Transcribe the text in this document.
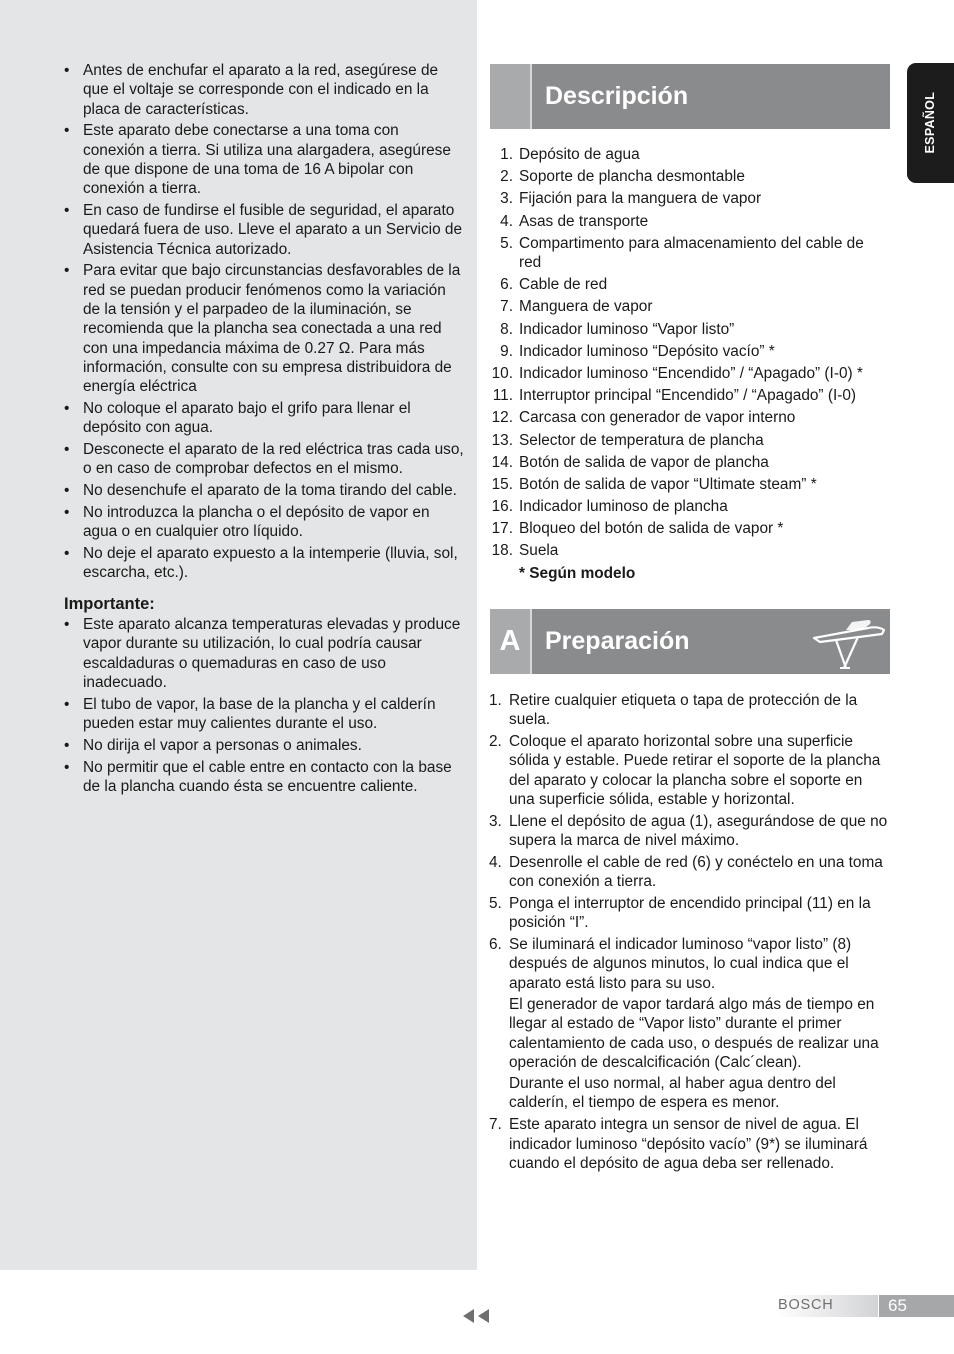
• Antes de enchufar el aparato a la red, asegúrese de que el voltaje se corresponde con el indicado en la placa de características.
• Este aparato debe conectarse a una toma con conexión a tierra. Si utiliza una alargadera, asegúrese de que dispone de una toma de 16 A bipolar con conexión a tierra.
• En caso de fundirse el fusible de seguridad, el aparato quedará fuera de uso. Lleve el aparato a un Servicio de Asistencia Técnica autorizado.
• Para evitar que bajo circunstancias desfavorables de la red se puedan producir fenómenos como la variación de la tensión y el parpadeo de la iluminación, se recomienda que la plancha sea conectada a una red con una impedancia máxima de 0.27 Ω. Para más información, consulte con su empresa distribuidora de energía eléctrica
• No coloque el aparato bajo el grifo para llenar el depósito con agua.
• Desconecte el aparato de la red eléctrica tras cada uso, o en caso de comprobar defectos en el mismo.
• No desenchufe el aparato de la toma tirando del cable.
• No introduzca la plancha o el depósito de vapor en agua o en cualquier otro líquido.
• No deje el aparato expuesto a la intemperie (lluvia, sol, escarcha, etc.).
Importante:
• Este aparato alcanza temperaturas elevadas y produce vapor durante su utilización, lo cual podría causar escaldaduras o quemaduras en caso de uso inadecuado.
• El tubo de vapor, la base de la plancha y el calderín pueden estar muy calientes durante el uso.
• No dirija el vapor a personas o animales.
• No permitir que el cable entre en contacto con la base de la plancha cuando ésta se encuentre caliente.
Descripción
1. Depósito de agua
2. Soporte de plancha desmontable
3. Fijación para la manguera de vapor
4. Asas de transporte
5. Compartimento para almacenamiento del cable de red
6. Cable de red
7. Manguera de vapor
8. Indicador luminoso “Vapor listo”
9. Indicador luminoso “Depósito vacío” *
10. Indicador luminoso “Encendido” / “Apagado” (I-0) *
11. Interruptor principal “Encendido” / “Apagado” (I-0)
12. Carcasa con generador de vapor interno
13. Selector de temperatura de plancha
14. Botón de salida de vapor de plancha
15. Botón de salida de vapor “Ultimate steam” *
16. Indicador luminoso de plancha
17. Bloqueo del botón de salida de vapor *
18. Suela
* Según modelo
A Preparación
1. Retire cualquier etiqueta o tapa de protección de la suela.
2. Coloque el aparato horizontal sobre una superficie sólida y estable. Puede retirar el soporte de la plancha del aparato y colocar la plancha sobre el soporte en una superficie sólida, estable y horizontal.
3. Llene el depósito de agua (1), asegurándose de que no supera la marca de nivel máximo.
4. Desenrolle el cable de red (6) y conéctelo en una toma con conexión a tierra.
5. Ponga el interruptor de encendido principal (11) en la posición “I”.
6. Se iluminará el indicador luminoso “vapor listo” (8) después de algunos minutos, lo cual indica que el aparato está listo para su uso.

El generador de vapor tardará algo más de tiempo en llegar al estado de “Vapor listo” durante el primer calentamiento de cada uso, o después de realizar una operación de descalcificación (Calc´clean).

Durante el uso normal, al haber agua dentro del calderín, el tiempo de espera es menor.

7. Este aparato integra un sensor de nivel de agua. El indicador luminoso “depósito vacío” (9*) se iluminará cuando el depósito de agua deba ser rellenado.
ESPAÑOL
BOSCH	65
